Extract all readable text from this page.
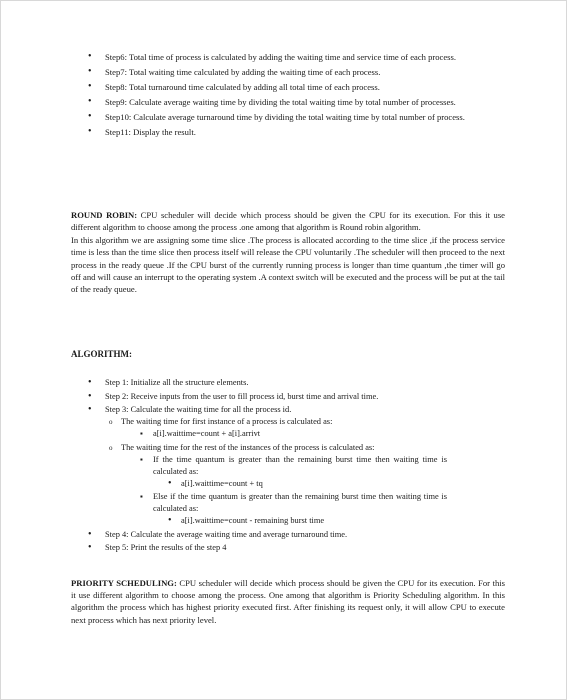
• Step6: Total time of process is calculated by adding the waiting time and service time of each process.
• Step7: Total waiting time calculated by adding the waiting time of each process.
• Step8: Total turnaround time calculated by adding all total time of each process.
• Step9: Calculate average waiting time by dividing the total waiting time by total number of processes.
• Step10: Calculate average turnaround time by dividing the total waiting time by total number of process.
• Step11: Display the result.

ROUND ROBIN: CPU scheduler will decide which process should be given the CPU for its execution. For this it use different algorithm to choose among the process .one among that algorithm is Round robin algorithm.

In this algorithm we are assigning some time slice .The process is allocated according to the time slice ,if the process service time is less than the time slice then process itself will release the CPU voluntarily .The scheduler will then proceed to the next process in the ready queue .If the CPU burst of the currently running process is longer than time quantum ,the timer will go off and will cause an interrupt to the operating system .A context switch will be executed and the process will be put at the tail of the ready queue.

ALGORITHM:
• Step 1: Initialize all the structure elements.
• Step 2: Receive inputs from the user to fill process id, burst time and arrival time.
• Step 3: Calculate the waiting time for all the process id.
o The waiting time for first instance of a process is calculated as:
▪ a[i].waittime=count + a[i].arrivt
o The waiting time for the rest of the instances of the process is calculated as:
▪ If the time quantum is greater than the remaining burst time then waiting time is calculated as:
• a[i].waittime=count + tq
▪ Else if the time quantum is greater than the remaining burst time then waiting time is calculated as:
• a[i].waittime=count - remaining burst time
• Step 4: Calculate the average waiting time and average turnaround time.
• Step 5: Print the results of the step 4

PRIORITY SCHEDULING: CPU scheduler will decide which process should be given the CPU for its execution. For this it use different algorithm to choose among the process. One among that algorithm is Priority Scheduling algorithm. In this algorithm the process which has highest priority executed first. After finishing its request only, it will allow CPU to execute next process which has next priority level.
